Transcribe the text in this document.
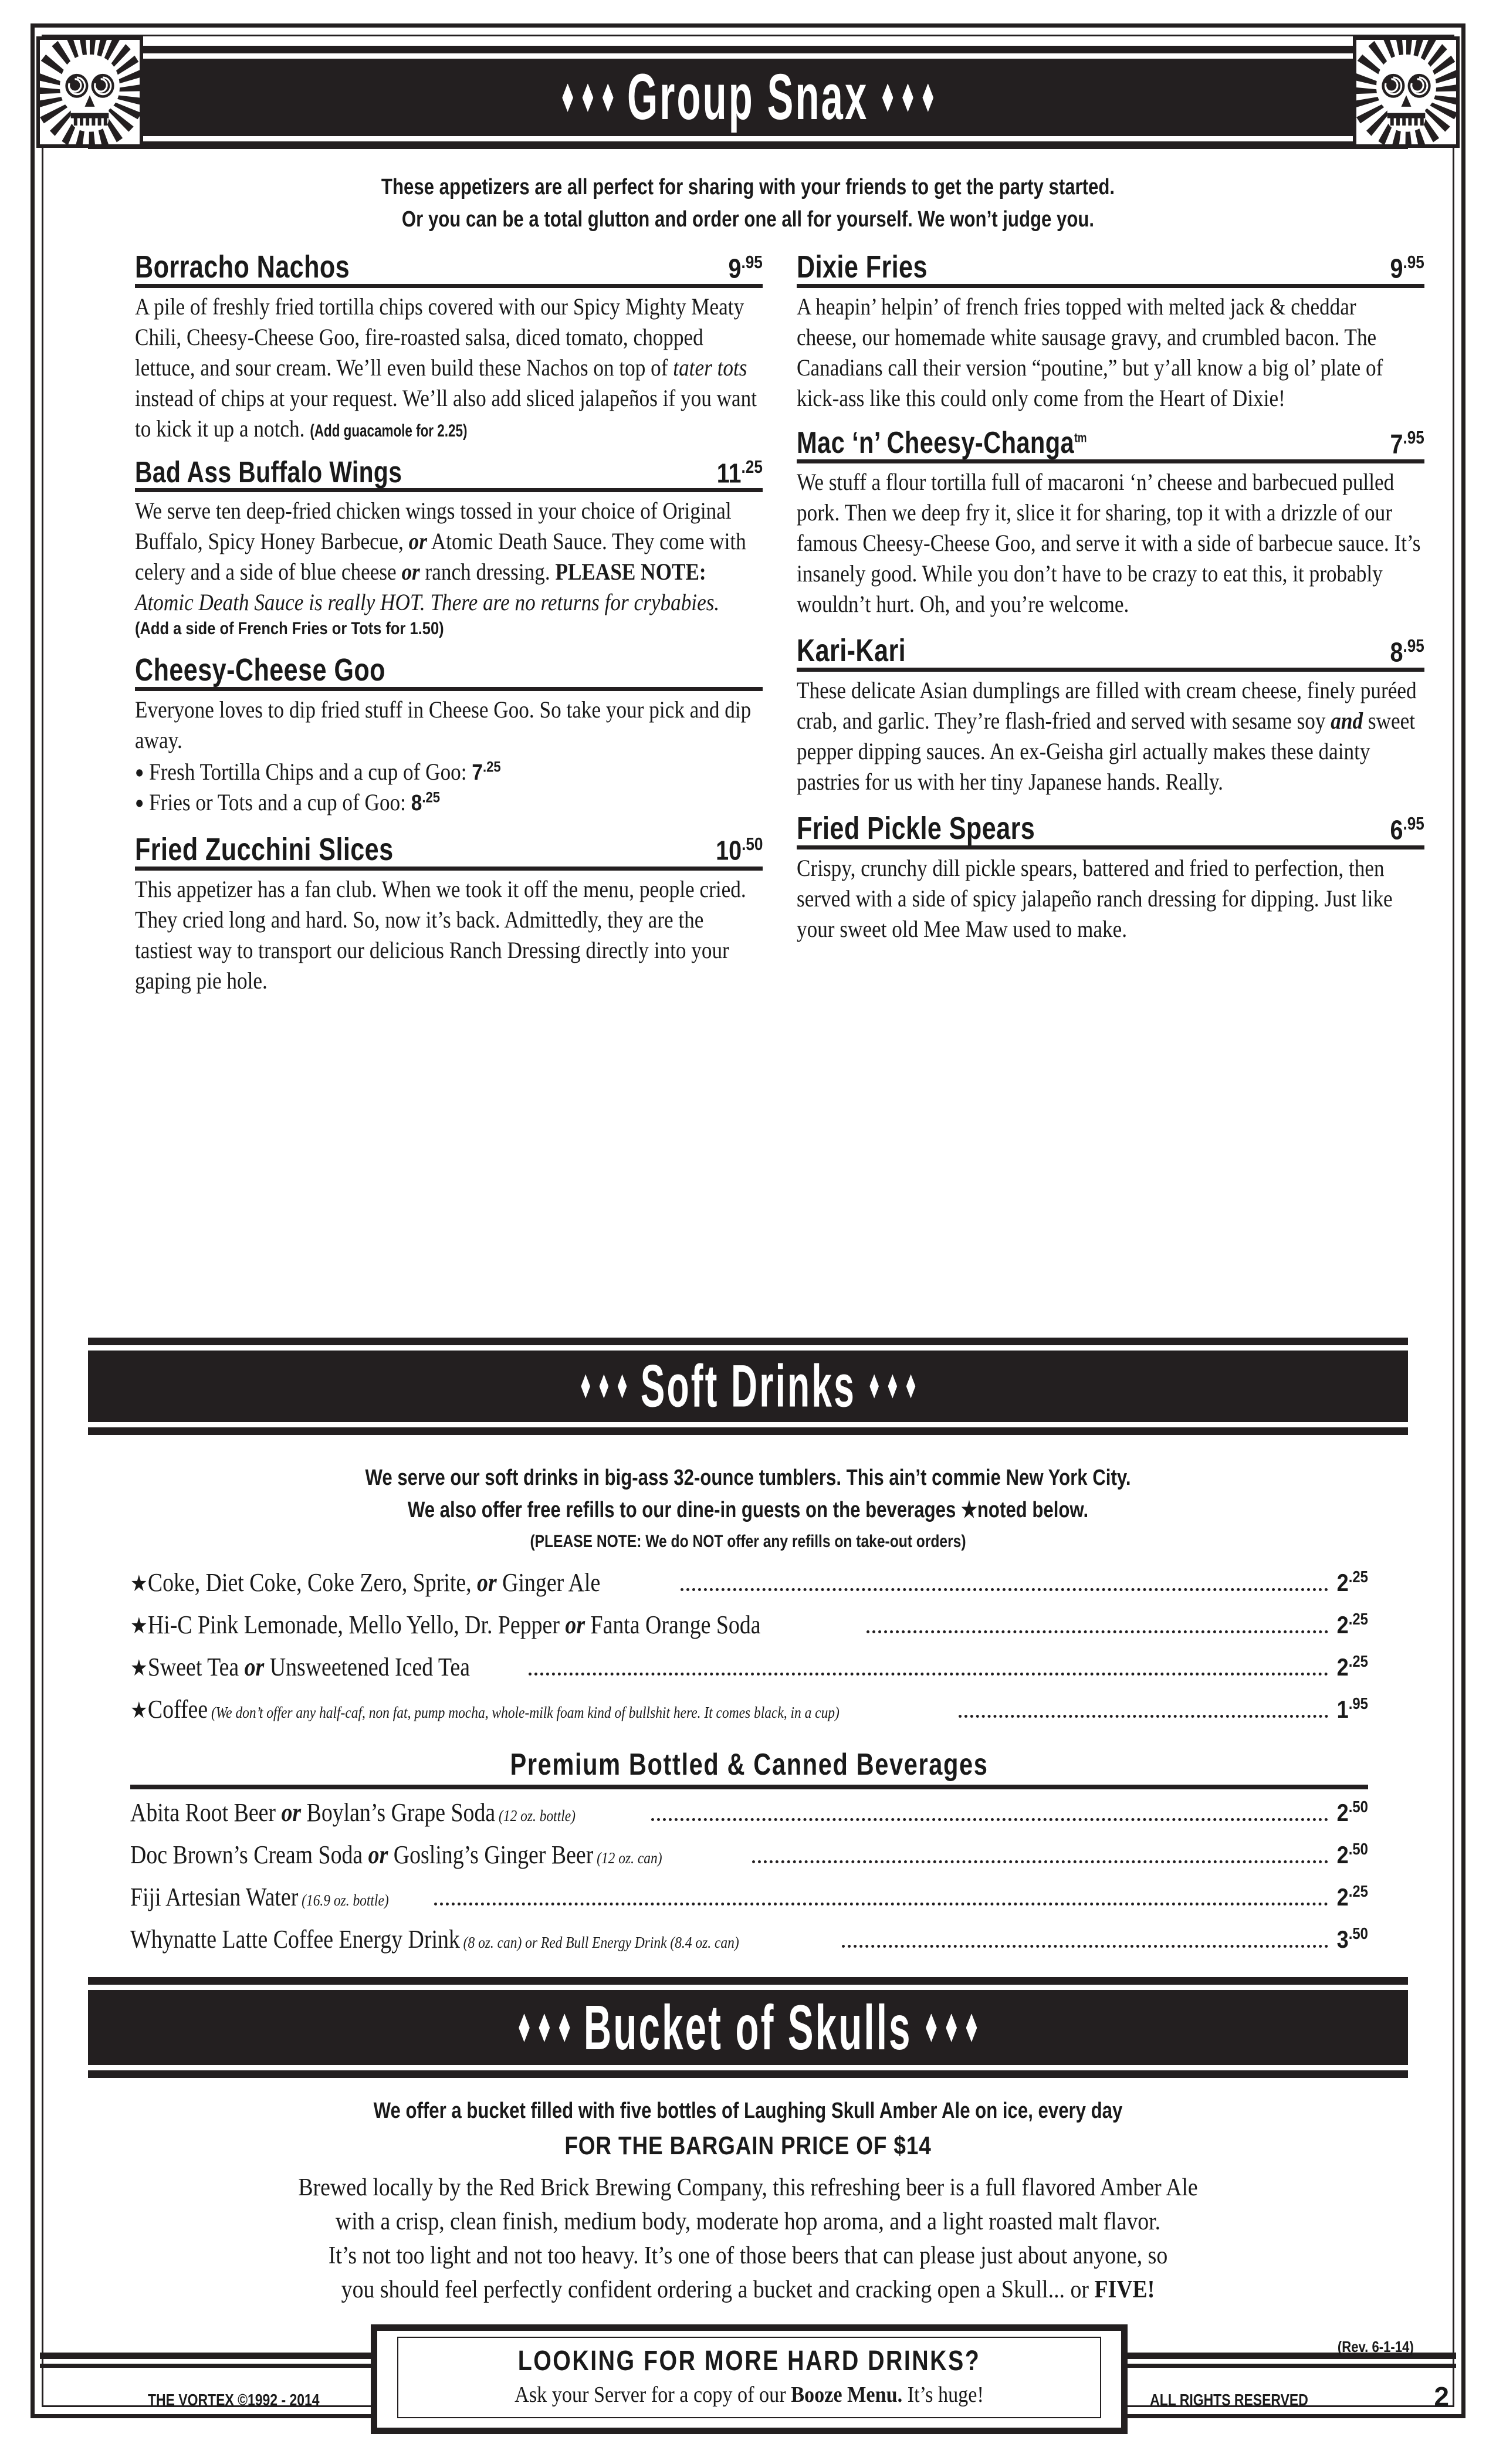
Group Snax
These appetizers are all perfect for sharing with your friends to get the party started.
Or you can be a total glutton and order one all for yourself. We won’t judge you.
Borracho Nachos	$9^{.95}$
A pile of freshly fried tortilla chips covered with our Spicy Mighty Meaty Chili, Cheesy-Cheese Goo, fire-roasted salsa, diced tomato, chopped lettuce, and sour cream. We’ll even build these Nachos on top of tater tots instead of chips at your request. We’ll also add sliced jalapeños if you want to kick it up a notch. (Add guacamole for 2.25)
Bad Ass Buffalo Wings	$11^{.25}$
We serve ten deep-fried chicken wings tossed in your choice of Original Buffalo, Spicy Honey Barbecue, or Atomic Death Sauce. They come with celery and a side of blue cheese or ranch dressing. PLEASE NOTE: Atomic Death Sauce is really HOT. There are no returns for crybabies.
(Add a side of French Fries or Tots for 1.50)
Cheesy-Cheese Goo
Everyone loves to dip fried stuff in Cheese Goo. So take your pick and dip away.
● Fresh Tortilla Chips and a cup of Goo: $7^{.25}$
● Fries or Tots and a cup of Goo: $8^{.25}$
Fried Zucchini Slices	$10^{.50}$
This appetizer has a fan club. When we took it off the menu, people cried. They cried long and hard. So, now it’s back. Admittedly, they are the tastiest way to transport our delicious Ranch Dressing directly into your gaping pie hole.
Dixie Fries	$9^{.95}$
A heapin’ helpin’ of french fries topped with melted jack & cheddar cheese, our homemade white sausage gravy, and crumbled bacon. The Canadians call their version “poutine,” but y’all know a big ol’ plate of kick-ass like this could only come from the Heart of Dixie!
Mac ‘n’ Cheesy-Changa$^{tm}$	$7^{.95}$
We stuff a flour tortilla full of macaroni ‘n’ cheese and barbecued pulled pork. Then we deep fry it, slice it for sharing, top it with a drizzle of our famous Cheesy-Cheese Goo, and serve it with a side of barbecue sauce. It’s insanely good. While you don’t have to be crazy to eat this, it probably wouldn’t hurt. Oh, and you’re welcome.
Kari-Kari	$8^{.95}$
These delicate Asian dumplings are filled with cream cheese, finely puréed crab, and garlic. They’re flash-fried and served with sesame soy and sweet pepper dipping sauces. An ex-Geisha girl actually makes these dainty pastries for us with her tiny Japanese hands. Really.
Fried Pickle Spears	$6^{.95}$
Crispy, crunchy dill pickle spears, battered and fried to perfection, then served with a side of spicy jalapeño ranch dressing for dipping. Just like your sweet old Mee Maw used to make.
Soft Drinks
We serve our soft drinks in big-ass 32-ounce tumblers. This ain’t commie New York City.
We also offer free refills to our dine-in guests on the beverages ★noted below.
(PLEASE NOTE: We do NOT offer any refills on take-out orders)
★Coke, Diet Coke, Coke Zero, Sprite, or Ginger Ale	$2^{.25}$
★Hi-C Pink Lemonade, Mello Yello, Dr. Pepper or Fanta Orange Soda	$2^{.25}$
★Sweet Tea or Unsweetened Iced Tea	$2^{.25}$
★Coffee (We don’t offer any half-caf, non fat, pump mocha, whole-milk foam kind of bullshit here. It comes black, in a cup)	$1^{.95}$
Premium Bottled & Canned Beverages
Abita Root Beer or Boylan’s Grape Soda (12 oz. bottle)	$2^{.50}$
Doc Brown’s Cream Soda or Gosling’s Ginger Beer (12 oz. can)	$2^{.50}$
Fiji Artesian Water (16.9 oz. bottle)	$2^{.25}$
Whynatte Latte Coffee Energy Drink (8 oz. can) or Red Bull Energy Drink (8.4 oz. can)	$3^{.50}$
Bucket of Skulls
We offer a bucket filled with five bottles of Laughing Skull Amber Ale on ice, every day
FOR THE BARGAIN PRICE OF $14
Brewed locally by the Red Brick Brewing Company, this refreshing beer is a full flavored Amber Ale
with a crisp, clean finish, medium body, moderate hop aroma, and a light roasted malt flavor.
It’s not too light and not too heavy. It’s one of those beers that can please just about anyone, so
you should feel perfectly confident ordering a bucket and cracking open a Skull... or FIVE!
LOOKING FOR MORE HARD DRINKS?
Ask your Server for a copy of our Booze Menu. It’s huge!
THE VORTEX ©1992 - 2014	ALL RIGHTS RESERVED
(Rev. 6-1-14)
2
